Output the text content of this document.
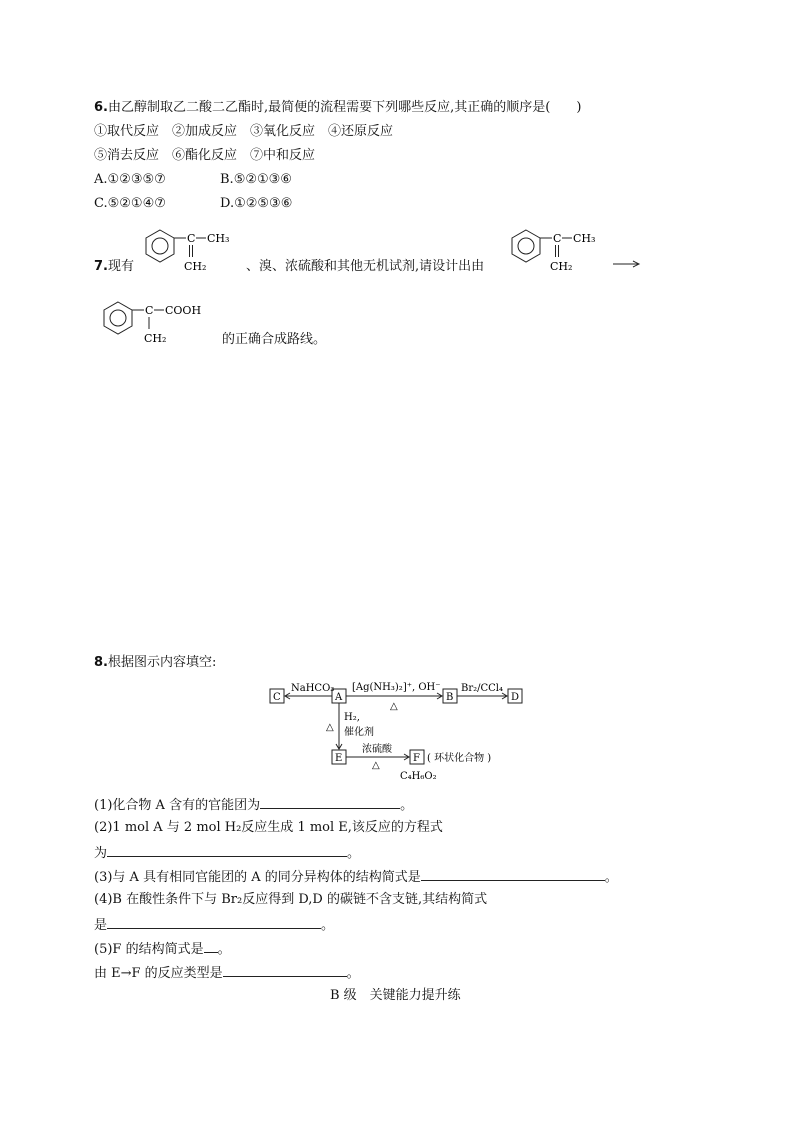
6.由乙醇制取乙二酸二乙酯时,最简便的流程需要下列哪些反应,其正确的顺序是(　　)
①取代反应　②加成反应　③氧化反应　④还原反应
⑤消去反应　⑥酯化反应　⑦中和反应
A.①②③⑤⑦	B.⑤②①③⑥
C.⑤②①④⑦	D.①②⑤③⑥
7.现有
C CH₃
CH₂	、溴、浓硫酸和其他无机试剂,请设计出由
C CH₃
CH₂
C COOH
CH₂	的正确合成路线。
8.根据图示内容填空:
C	A	B	D
E	F
NaHCO₃ [Ag(NH₃)₂]⁺, OH⁻
△
Br₂/CCl₄
△
H₂,
催化剂
浓硫酸
△
( 环状化合物 )
C₄H₆O₂
(1)化合物 A 含有的官能团为	。
(2)1 mol A 与 2 mol H₂反应生成 1 mol E,该反应的方程式
为	。
(3)与 A 具有相同官能团的 A 的同分异构体的结构简式是	。
(4)B 在酸性条件下与 Br₂反应得到 D,D 的碳链不含支链,其结构简式
是	。
(5)F 的结构简式是 。
由 E→F 的反应类型是	。
B 级　关键能力提升练
